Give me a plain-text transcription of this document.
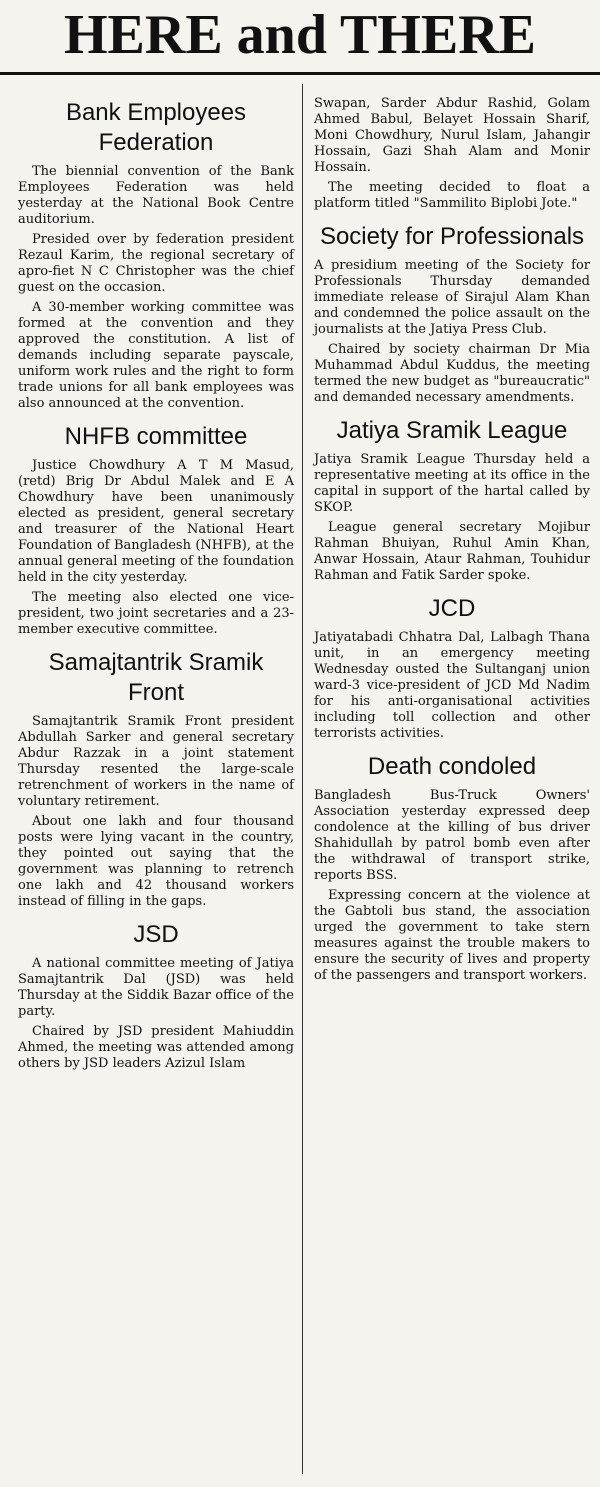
HERE and THERE
Bank Employees Federation

The biennial convention of the Bank Employees Federation was held yesterday at the National Book Centre auditorium.

Presided over by federation president Rezaul Karim, the regional secretary of apro-fiet N C Christopher was the chief guest on the occasion.

A 30-member working committee was formed at the convention and they approved the constitution. A list of demands including separate payscale, uniform work rules and the right to form trade unions for all bank employees was also announced at the convention.

NHFB committee

Justice Chowdhury A T M Masud, (retd) Brig Dr Abdul Malek and E A Chowdhury have been unanimously elected as president, general secretary and treasurer of the National Heart Foundation of Bangladesh (NHFB), at the annual general meeting of the foundation held in the city yesterday.

The meeting also elected one vice-president, two joint secretaries and a 23-member executive committee.

Samajtantrik Sramik Front

Samajtantrik Sramik Front president Abdullah Sarker and general secretary Abdur Razzak in a joint statement Thursday resented the large-scale retrenchment of workers in the name of voluntary retirement.

About one lakh and four thousand posts were lying vacant in the country, they pointed out saying that the government was planning to retrench one lakh and 42 thousand workers instead of filling in the gaps.

JSD

A national committee meeting of Jatiya Samajtantrik Dal (JSD) was held Thursday at the Siddik Bazar office of the party.

Chaired by JSD president Mahiuddin Ahmed, the meeting was attended among others by JSD leaders Azizul Islam

Swapan, Sarder Abdur Rashid, Golam Ahmed Babul, Belayet Hossain Sharif, Moni Chowdhury, Nurul Islam, Jahangir Hossain, Gazi Shah Alam and Monir Hossain.

The meeting decided to float a platform titled "Sammilito Biplobi Jote."

Society for Professionals

A presidium meeting of the Society for Professionals Thursday demanded immediate release of Sirajul Alam Khan and condemned the police assault on the journalists at the Jatiya Press Club.

Chaired by society chairman Dr Mia Muhammad Abdul Kuddus, the meeting termed the new budget as "bureaucratic" and demanded necessary amendments.

Jatiya Sramik League

Jatiya Sramik League Thursday held a representative meeting at its office in the capital in support of the hartal called by SKOP.

League general secretary Mojibur Rahman Bhuiyan, Ruhul Amin Khan, Anwar Hossain, Ataur Rahman, Touhidur Rahman and Fatik Sarder spoke.

JCD

Jatiyatabadi Chhatra Dal, Lalbagh Thana unit, in an emergency meeting Wednesday ousted the Sultanganj union ward-3 vice-president of JCD Md Nadim for his anti-organisational activities including toll collection and other terrorists activities.

Death condoled

Bangladesh Bus-Truck Owners' Association yesterday expressed deep condolence at the killing of bus driver Shahidullah by patrol bomb even after the withdrawal of transport strike, reports BSS.

Expressing concern at the violence at the Gabtoli bus stand, the association urged the government to take stern measures against the trouble makers to ensure the security of lives and property of the passengers and transport workers.
